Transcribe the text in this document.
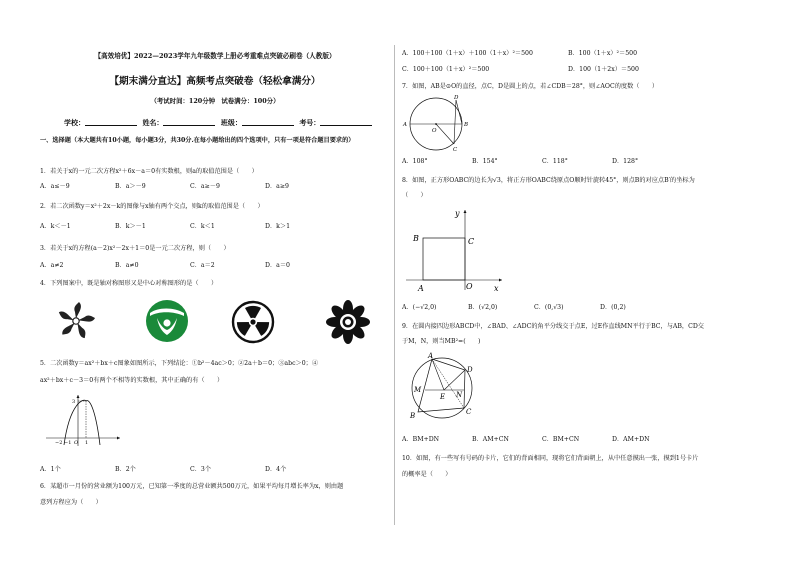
【高效培优】2022—2023学年九年级数学上册必考重难点突破必刷卷（人教版）
【期末满分直达】高频考点突破卷（轻松拿满分）
（考试时间：120分钟　试卷满分：100分）
学校：	姓名：	班级：	考号：
一、选择题（本大题共有10小题，每小题3分，共30分.在每小题给出的四个选项中，只有一项是符合题目要求的）
1．若关于x的一元二次方程x²＋6x－a＝0有实数根，则a的取值范围是（　　）
A．a≤－9	B．a＞－9	C．a≥－9	D．a≥9
2．若二次函数y＝x²＋2x－k的图像与x轴有两个交点，则k的取值范围是（　　）
A．k＜－1	B．k＞－1	C．k＜1	D．k＞1
3．若关于x的方程(a－2)x²－2x＋1＝0是一元二次方程，则（　　）
A．a≠2	B．a≠0	C．a＝2	D．a＝0
4．下列图案中，既是轴对称图形又是中心对称图形的是（　　）
5．二次函数y＝ax²＋bx＋c图象如图所示，下列结论：①b²－4ac＞0；②2a＋b＝0；③abc＞0；④
ax²＋bx＋c－3＝0有两个不相等的实数根，其中正确的有（　　）
3
−2 −1 O 1
A．1个	B．2个	C．3个	D．4个
6．某超市一月份的营业额为100万元，已知第一季度的总营业额共500万元，如果平均每月增长率为x，则由题
意列方程应为（　　）
A．100＋100（1＋x）＋100（1＋x）²＝500	B．100（1＋x）²＝500
C．100＋100（1＋x）²＝500	D．100（1＋2x）＝500
7．如图，AB是⊙O的直径，点C，D是圆上的点，若∠CDB＝28°，则∠AOC的度数（　　）
A
O
B
C
D
A．108°	B．154°	C．118°	D．128°
8．如图，正方形OABC的边长为√3，将正方形OABC绕原点O顺时针旋转45°，则点B的对应点B′的坐标为
（　　）
y
B	C
A	O	x
A．(−√2,0)	B．(√2,0)	C．(0,√3)	D．(0,2)
9．在圆内接四边形ABCD中，∠BAD、∠ADC的角平分线交于点E，过E作直线MN平行于BC，与AB，CD交
于M，N，则当MB²=(　　)
A
D
M
E N
B	C
A．BM+DN	B．AM+CN	C．BM+CN	D．AM+DN
10．如图，有一些写有号码的卡片，它们的背面相同，现将它们背面朝上，从中任意摸出一张，摸到1号卡片
的概率是（　　）
